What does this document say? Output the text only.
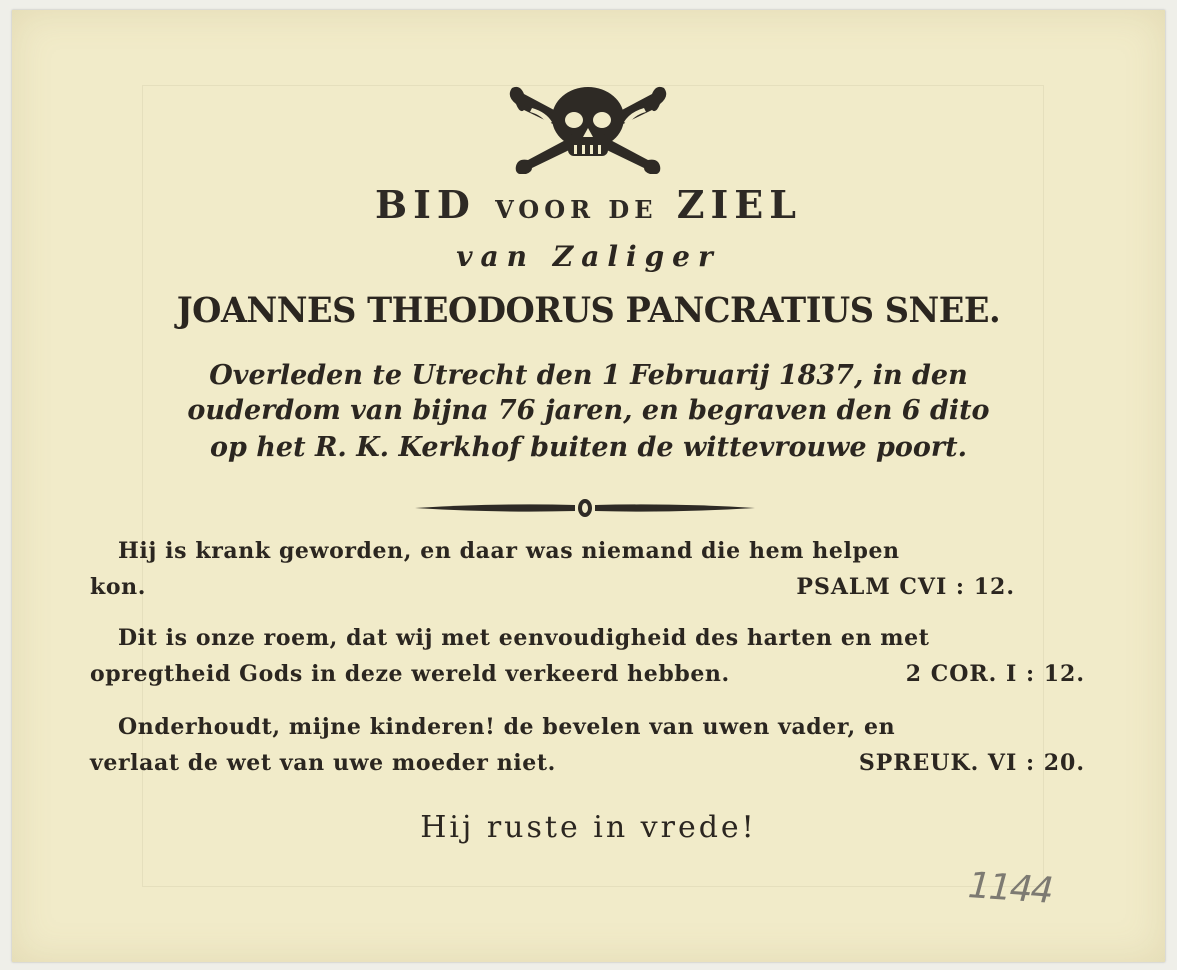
BID VOOR DE ZIEL
van Zaliger
JOANNES THEODORUS PANCRATIUS SNEE.
Overleden te Utrecht den 1 Februarij 1837, in den
ouderdom van bijna 76 jaren, en begraven den 6 dito
op het R. K. Kerkhof buiten de wittevrouwe poort.
Hij is krank geworden, en daar was niemand die hem helpen
kon.	PSALM CVI : 12.
Dit is onze roem, dat wij met eenvoudigheid des harten en met
opregtheid Gods in deze wereld verkeerd hebben.	2 COR. I : 12.
Onderhoudt, mijne kinderen! de bevelen van uwen vader, en
verlaat de wet van uwe moeder niet.	SPREUK. VI : 20.
Hij ruste in vrede!
1144
